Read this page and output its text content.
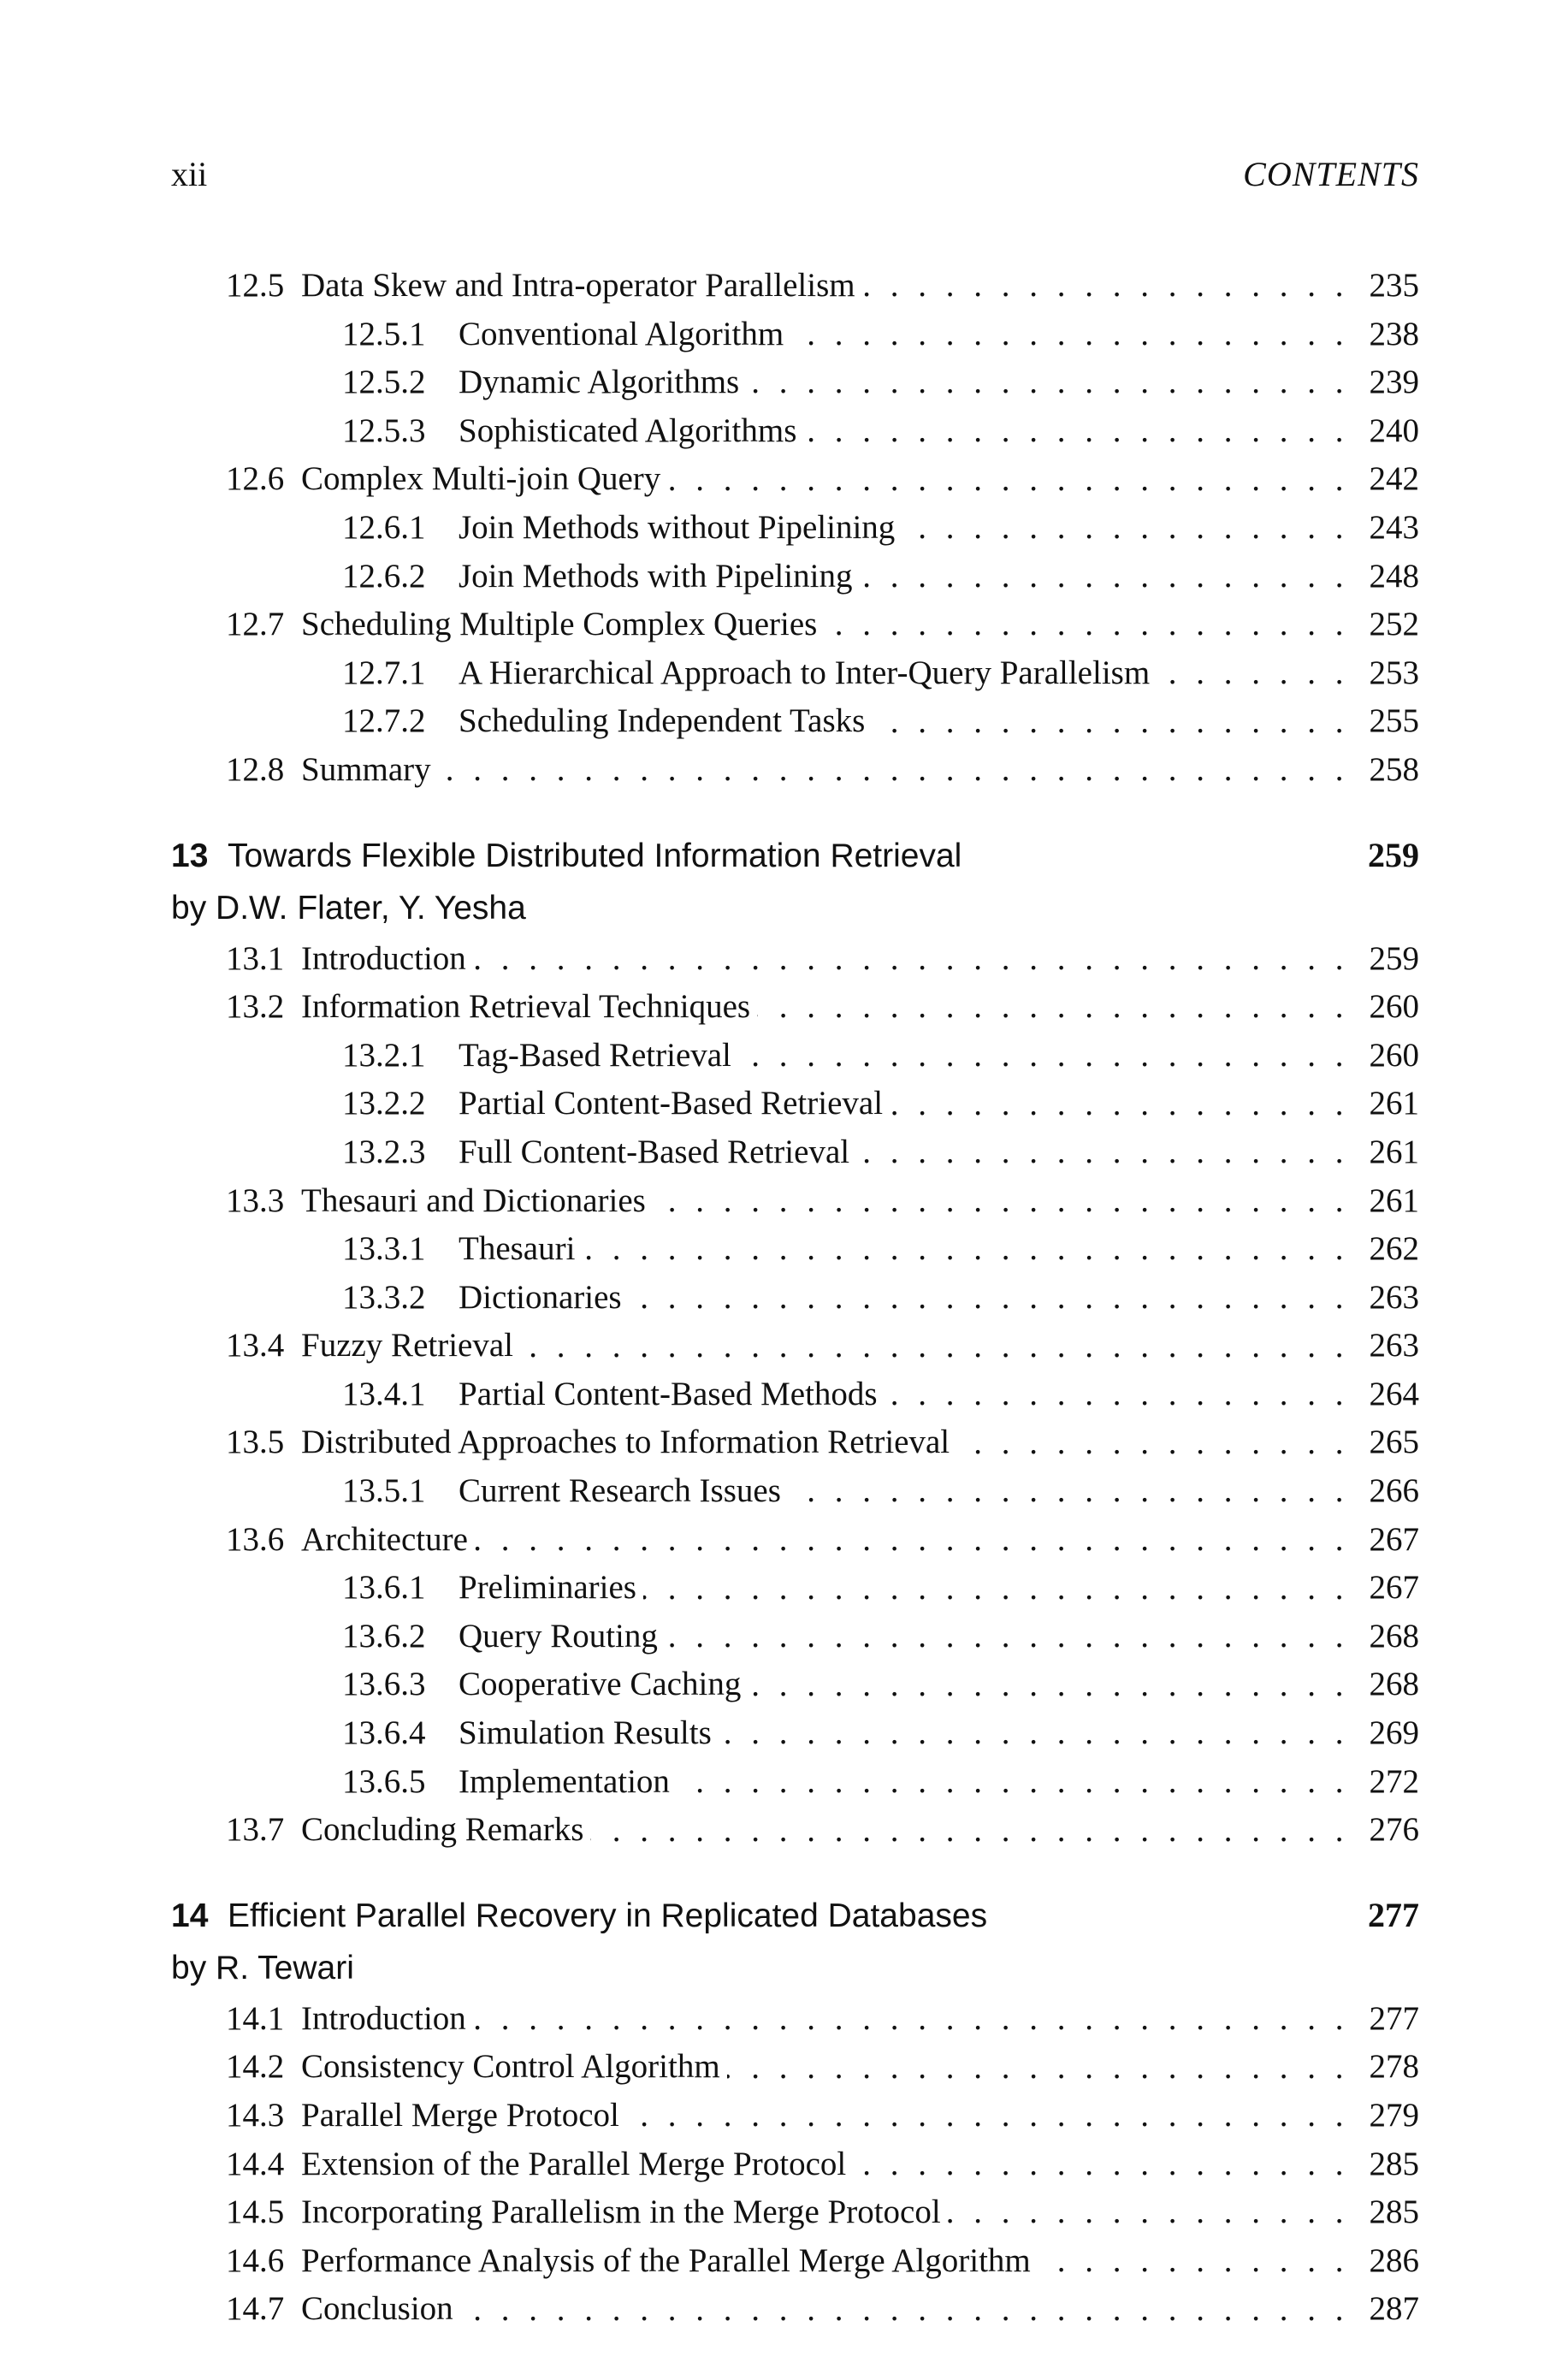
xii	CONTENTS
12.5 Data Skew and Intra-operator Parallelism . . .	235
12.5.1 Conventional Algorithm . . .	238
12.5.2 Dynamic Algorithms . . .	239
12.5.3 Sophisticated Algorithms . . .	240
12.6 Complex Multi-join Query . . .	242
12.6.1 Join Methods without Pipelining . . .	243
12.6.2 Join Methods with Pipelining . . .	248
12.7 Scheduling Multiple Complex Queries . . .	252
12.7.1 A Hierarchical Approach to Inter-Query Parallelism . . .	253
12.7.2 Scheduling Independent Tasks . . .	255
12.8 Summary . . .	258
13 Towards Flexible Distributed Information Retrieval	259
by D.W. Flater, Y. Yesha
13.1 Introduction . . .	259
13.2 Information Retrieval Techniques . . .	260
13.2.1 Tag-Based Retrieval . . .	260
13.2.2 Partial Content-Based Retrieval . . .	261
13.2.3 Full Content-Based Retrieval . . .	261
13.3 Thesauri and Dictionaries . . .	261
13.3.1 Thesauri . . .	262
13.3.2 Dictionaries . . .	263
13.4 Fuzzy Retrieval . . .	263
13.4.1 Partial Content-Based Methods . . .	264
13.5 Distributed Approaches to Information Retrieval . . .	265
13.5.1 Current Research Issues . . .	266
13.6 Architecture . . .	267
13.6.1 Preliminaries . . .	267
13.6.2 Query Routing . . .	268
13.6.3 Cooperative Caching . . .	268
13.6.4 Simulation Results . . .	269
13.6.5 Implementation . . .	272
13.7 Concluding Remarks . . .	276
14 Efficient Parallel Recovery in Replicated Databases	277
by R. Tewari
14.1 Introduction . . .	277
14.2 Consistency Control Algorithm . . .	278
14.3 Parallel Merge Protocol . . .	279
14.4 Extension of the Parallel Merge Protocol . . .	285
14.5 Incorporating Parallelism in the Merge Protocol . . .	285
14.6 Performance Analysis of the Parallel Merge Algorithm . . .	286
14.7 Conclusion . . .	287
